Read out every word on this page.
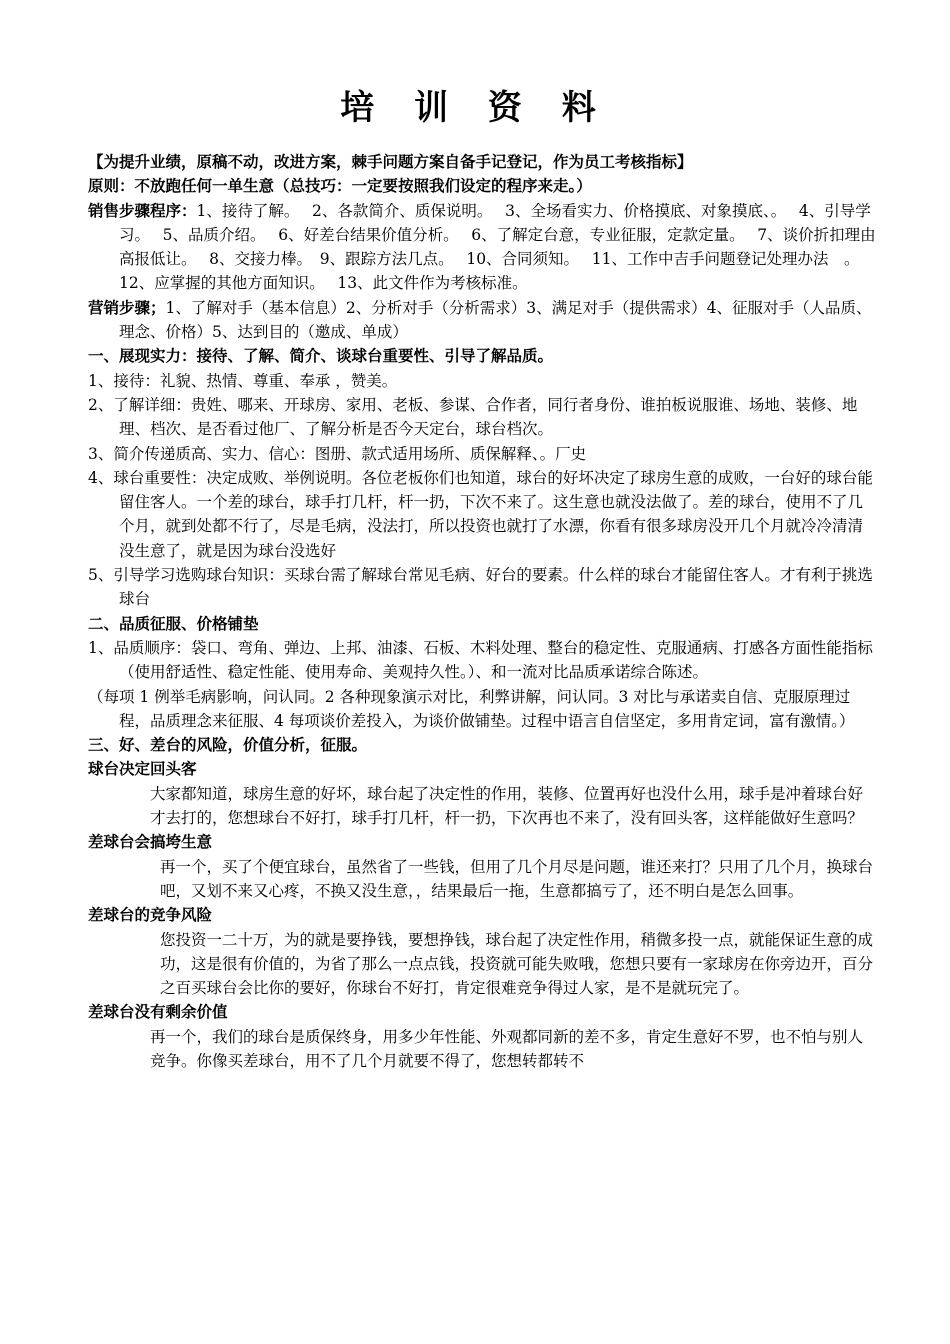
培 训 资 料

【为提升业绩，原稿不动，改进方案，棘手问题方案自备手记登记，作为员工考核指标】

原则：不放跑任何一单生意（总技巧：一定要按照我们设定的程序来走。）

销售步骤程序：1、接待了解。　 2、各款简介、质保说明。　 3、全场看实力、价格摸底、对象摸底、。　 4、引导学习。　 5、品质介绍。　 6、好差台结果价值分析。　 6、了解定台意，专业征服，定款定量。　 7、谈价折扣理由高报低让。　 8、交接力棒。　9、跟踪方法几点。　 10、合同须知。　 11、工作中吉手问题登记处理办法　。12、应掌握的其他方面知识。　 13、此文件作为考核标准。

营销步骤；1、了解对手（基本信息）2、分析对手（分析需求）3、满足对手（提供需求）4、征服对手（人品质、理念、价格）5、达到目的（邀成、单成）

一、展现实力：接待、了解、简介、谈球台重要性、引导了解品质。

1、接待：礼貌、热情、尊重、奉承 ，赞美。

2、了解详细：贵姓、哪来、开球房、家用、老板、参谋、合作者，同行者身份、谁拍板说服谁、场地、装修、地理、档次、是否看过他厂、了解分析是否今天定台，球台档次。

3、简介传递质高、实力、信心：图册、款式适用场所、质保解释、。厂史

4、球台重要性：决定成败、举例说明。各位老板你们也知道，球台的好坏决定了球房生意的成败，一台好的球台能留住客人。一个差的球台，球手打几杆，杆一扔，下次不来了。这生意也就没法做了。差的球台，使用不了几个月，就到处都不行了，尽是毛病，没法打，所以投资也就打了水漂，你看有很多球房没开几个月就冷冷清清没生意了，就是因为球台没选好

5、引导学习选购球台知识：买球台需了解球台常见毛病、好台的要素。什么样的球台才能留住客人。才有利于挑选球台

二、品质征服、价格铺垫

1、品质顺序：袋口、弯角、弹边、上邦、油漆、石板、木料处理、整台的稳定性、克服通病、打感各方面性能指标（使用舒适性、稳定性能、使用寿命、美观持久性。）、和一流对比品质承诺综合陈述。

（每项 1 例举毛病影响，问认同。2 各种现象演示对比，利弊讲解，问认同。3 对比与承诺卖自信、克服原理过程，品质理念来征服、4 每项谈价差投入，为谈价做铺垫。过程中语言自信坚定，多用肯定词，富有激情。）

三、好、差台的风险，价值分析，征服。

球台决定回头客

大家都知道，球房生意的好坏，球台起了决定性的作用，装修、位置再好也没什么用，球手是冲着球台好才去打的，您想球台不好打，球手打几杆，杆一扔，下次再也不来了，没有回头客，这样能做好生意吗？

差球台会搞垮生意

再一个，买了个便宜球台，虽然省了一些钱，但用了几个月尽是问题，谁还来打？只用了几个月，换球台吧，又划不来又心疼，不换又没生意，，结果最后一拖，生意都搞亏了，还不明白是怎么回事。

差球台的竞争风险

您投资一二十万，为的就是要挣钱，要想挣钱，球台起了决定性作用，稍微多投一点，就能保证生意的成功，这是很有价值的，为省了那么一点点钱，投资就可能失败哦，您想只要有一家球房在你旁边开，百分之百买球台会比你的要好，你球台不好打，肯定很难竞争得过人家，是不是就玩完了。

差球台没有剩余价值

再一个，我们的球台是质保终身，用多少年性能、外观都同新的差不多，肯定生意好不罗，也不怕与别人竞争。你像买差球台，用不了几个月就要不得了，您想转都转不
